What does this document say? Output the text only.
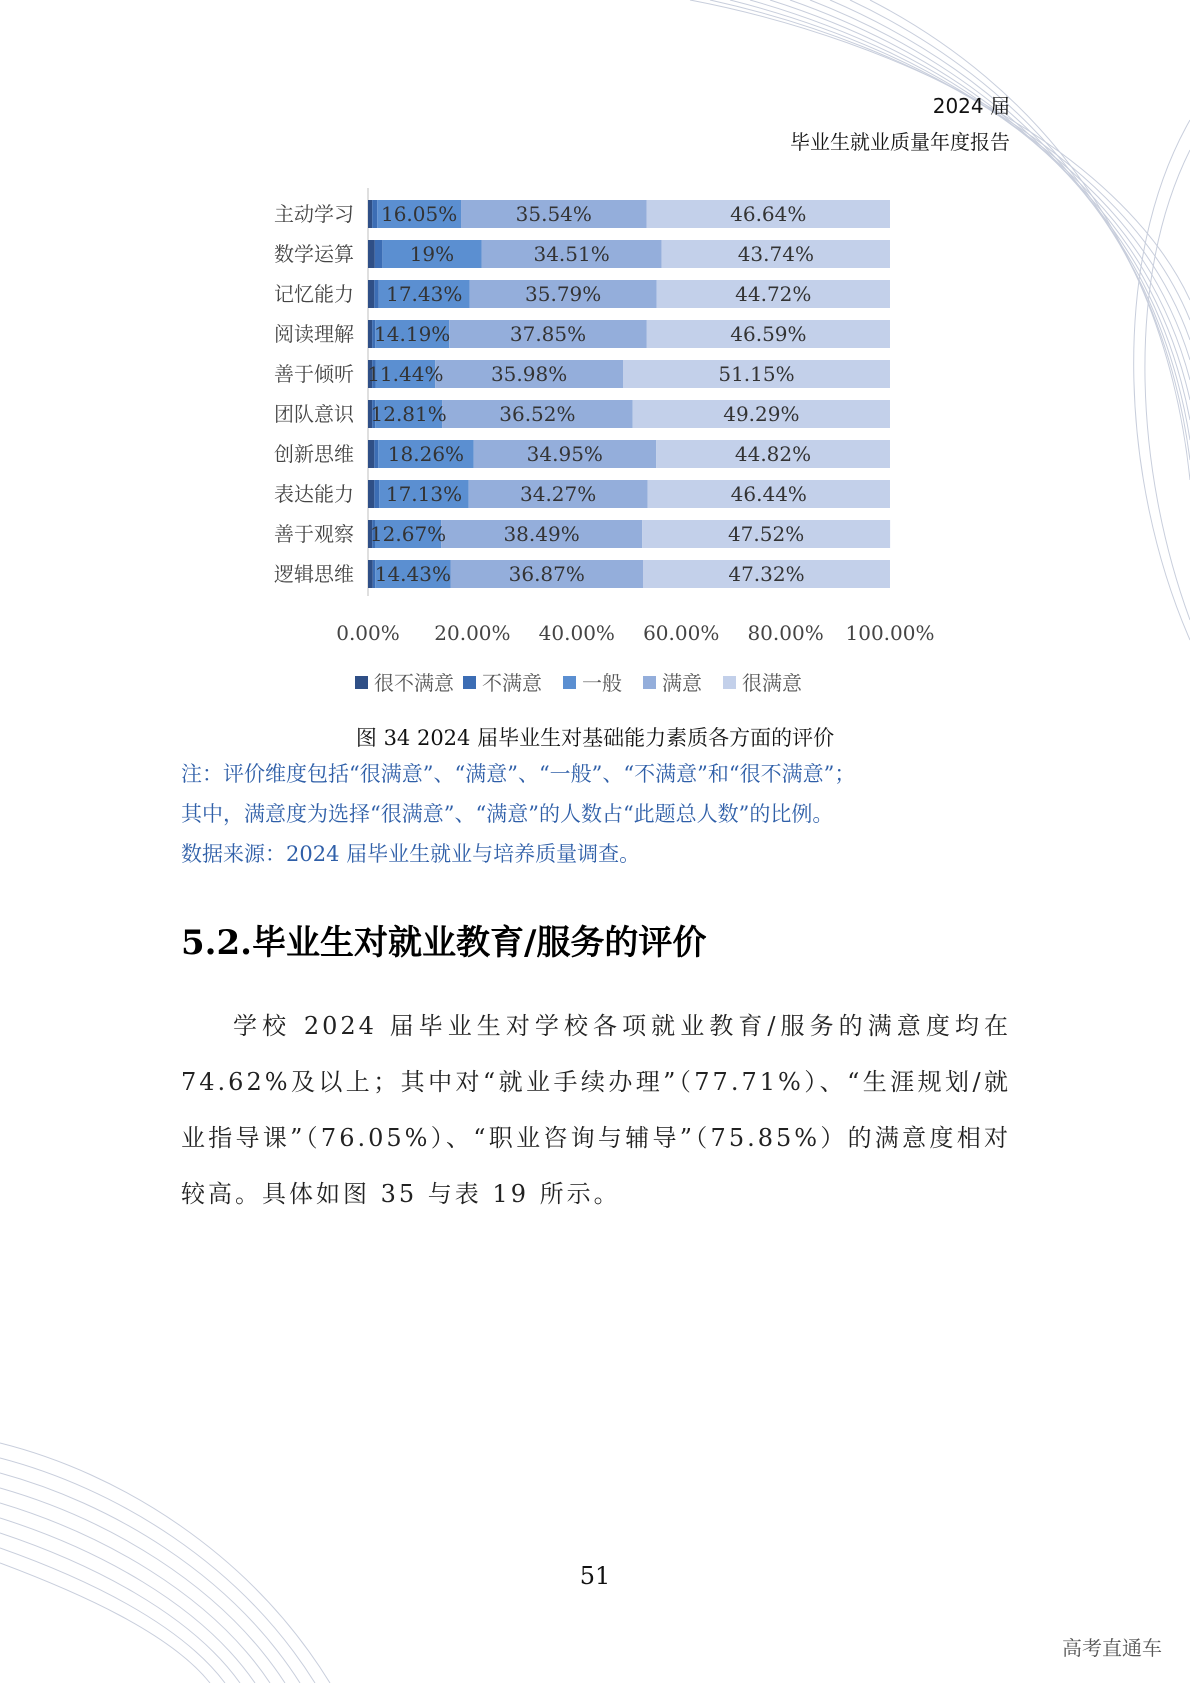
2024 届
毕业生就业质量年度报告
主动学习 16.05%	35.54%	46.64%
数学运算	19%	34.51%	43.74%
记忆能力 17.43%	35.79%	44.72%
阅读理解 14.19%	37.85%	46.59%
善于倾听 11.44% 35.98%	51.15%
团队意识 12.81%	36.52%	49.29%
创新思维 18.26%	34.95%	44.82%
表达能力 17.13%	34.27%	46.44%
善于观察 12.67%	38.49%	47.52%
逻辑思维 14.43%	36.87%	47.32%
0.00% 20.00% 40.00% 60.00% 80.00% 100.00%
很不满意 不满意 一般 满意 很满意
图 34 2024 届毕业生对基础能力素质各方面的评价
注：评价维度包括“很满意”、“满意”、“一般”、“不满意”和“很不满意”；
其中，满意度为选择“很满意”、“满意”的人数占“此题总人数”的比例。
数据来源：2024 届毕业生就业与培养质量调查。
5.2.毕业生对就业教育/服务的评价
学校 2024 届毕业生对学校各项就业教育/服务的满意度均在 74.62%及以上；其中对“就业手续办理”（77.71%）、“生涯规划/就业指导课”（76.05%）、“职业咨询与辅导”（75.85%）的满意度相对较高。具体如图 35 与表 19 所示。
51
高考直通车
